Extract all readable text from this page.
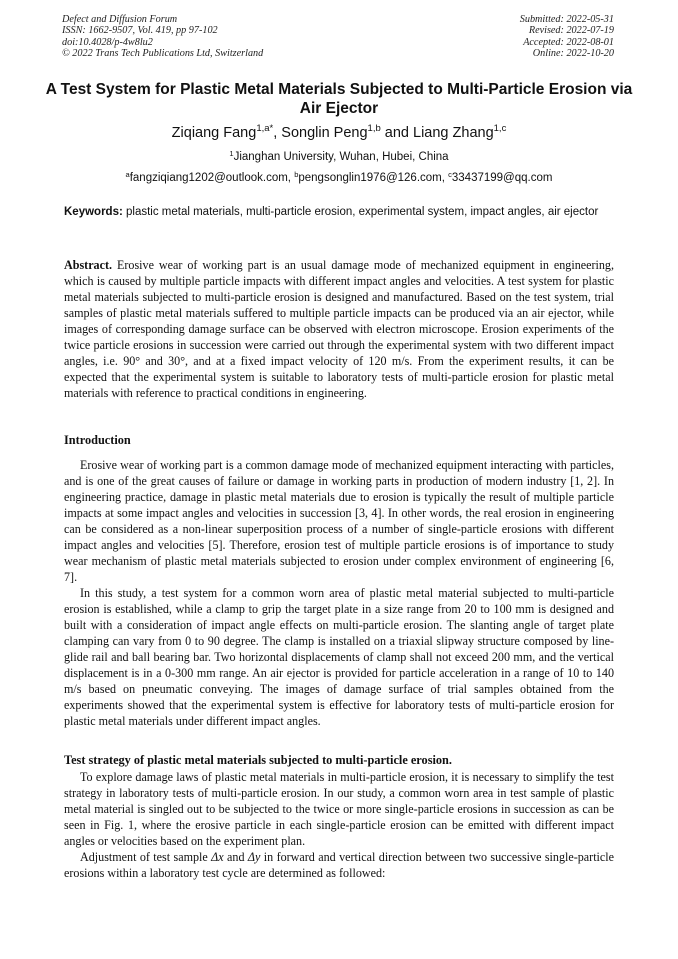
Defect and Diffusion Forum
ISSN: 1662-9507, Vol. 419, pp 97-102
doi:10.4028/p-4w8lu2
© 2022 Trans Tech Publications Ltd, Switzerland
Submitted: 2022-05-31
Revised: 2022-07-19
Accepted: 2022-08-01
Online: 2022-10-20
A Test System for Plastic Metal Materials Subjected to Multi-Particle Erosion via Air Ejector
Ziqiang Fang$^{1,a*}$, Songlin Peng$^{1,b}$ and Liang Zhang$^{1,c}$
$^1$Jianghan University, Wuhan, Hubei, China
$^a$fangziqiang1202@outlook.com, $^b$pengsonglin1976@126.com, $^c$33437199@qq.com
Keywords: plastic metal materials, multi-particle erosion, experimental system, impact angles, air ejector
Abstract. Erosive wear of working part is an usual damage mode of mechanized equipment in engineering, which is caused by multiple particle impacts with different impact angles and velocities. A test system for plastic metal materials subjected to multi-particle erosion is designed and manufactured. Based on the test system, trial samples of plastic metal materials suffered to multiple particle impacts can be produced via an air ejector, while images of corresponding damage surface can be observed with electron microscope. Erosion experiments of the twice particle erosions in succession were carried out through the experimental system with two different impact angles, i.e. 90° and 30°, and at a fixed impact velocity of 120 m/s. From the experiment results, it can be expected that the experimental system is suitable to laboratory tests of multi-particle erosion for plastic metal materials with reference to practical conditions in engineering.
Introduction

Erosive wear of working part is a common damage mode of mechanized equipment interacting with particles, and is one of the great causes of failure or damage in working parts in production of modern industry [1, 2]. In engineering practice, damage in plastic metal materials due to erosion is typically the result of multiple particle impacts at some impact angles and velocities in succession [3, 4]. In other words, the real erosion in engineering can be considered as a non-linear superposition process of a number of single-particle erosions with different impact angles and velocities [5]. Therefore, erosion test of multiple particle erosions is of importance to study wear mechanism of plastic metal materials subjected to erosion under complex environment of engineering [6, 7].

In this study, a test system for a common worn area of plastic metal material subjected to multi-particle erosion is established, while a clamp to grip the target plate in a size range from 20 to 100 mm is designed and built with a consideration of impact angle effects on multi-particle erosion. The slanting angle of target plate clamping can vary from 0 to 90 degree. The clamp is installed on a triaxial slipway structure composed by line-glide rail and ball bearing bar. Two horizontal displacements of clamp shall not exceed 200 mm, and the vertical displacement is in a 0-300 mm range. An air ejector is provided for particle acceleration in a range of 10 to 140 m/s based on pneumatic conveying. The images of damage surface of trial samples obtained from the experiments showed that the experimental system is effective for laboratory tests of multi-particle erosion for plastic metal materials under different impact angles.

Test strategy of plastic metal materials subjected to multi-particle erosion.

To explore damage laws of plastic metal materials in multi-particle erosion, it is necessary to simplify the test strategy in laboratory tests of multi-particle erosion. In our study, a common worn area in test sample of plastic metal material is singled out to be subjected to the twice or more single-particle erosions in succession as can be seen in Fig. 1, where the erosive particle in each single-particle erosion can be emitted with different impact angles or velocities based on the experiment plan.

Adjustment of test sample Δx and Δy in forward and vertical direction between two successive single-particle erosions within a laboratory test cycle are determined as followed:
